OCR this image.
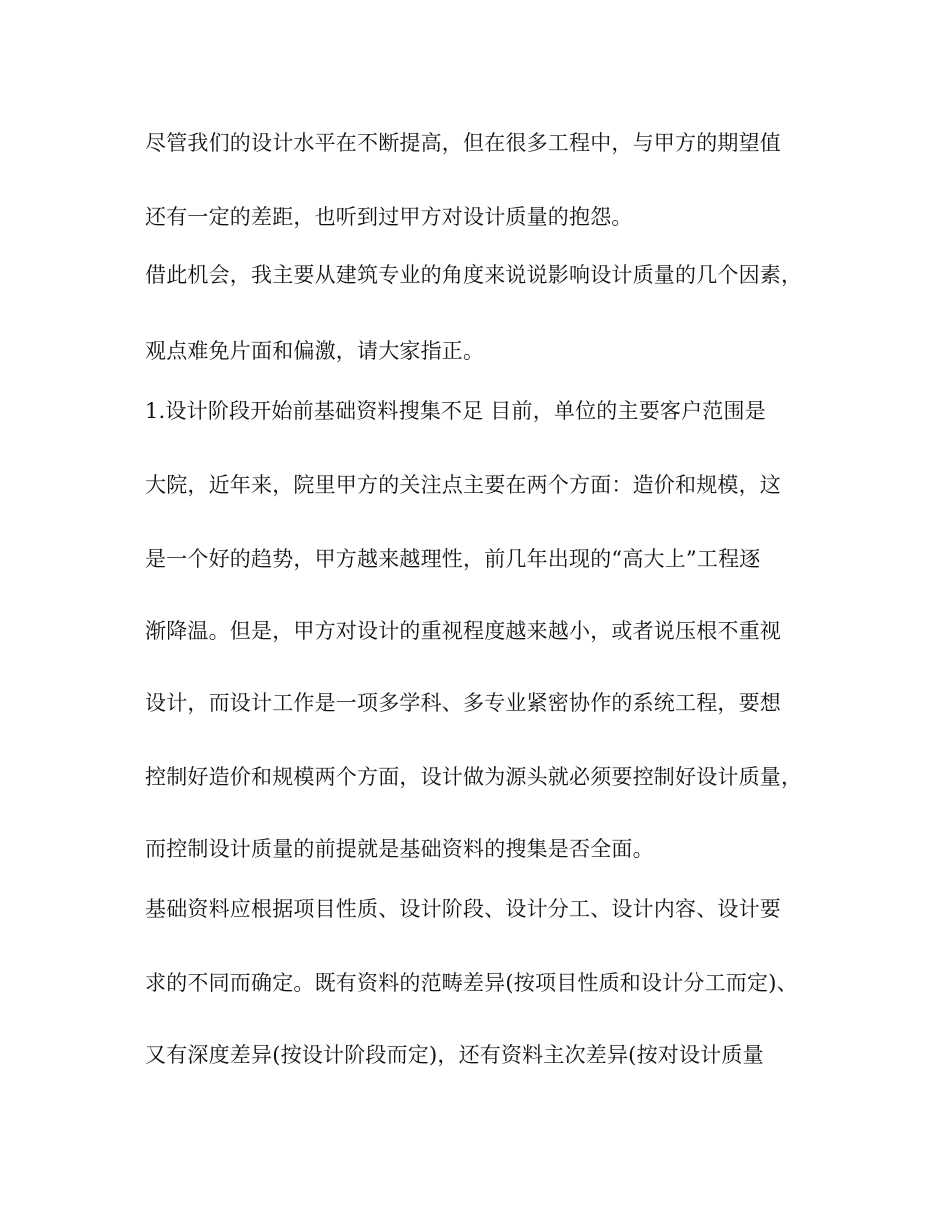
尽管我们的设计水平在不断提高，但在很多工程中，与甲方的期望值

还有一定的差距，也听到过甲方对设计质量的抱怨。

借此机会，我主要从建筑专业的角度来说说影响设计质量的几个因素，

观点难免片面和偏激，请大家指正。

1.设计阶段开始前基础资料搜集不足 目前，单位的主要客户范围是

大院，近年来，院里甲方的关注点主要在两个方面：造价和规模，这

是一个好的趋势，甲方越来越理性，前几年出现的“高大上”工程逐

渐降温。但是，甲方对设计的重视程度越来越小，或者说压根不重视

设计，而设计工作是一项多学科、多专业紧密协作的系统工程，要想

控制好造价和规模两个方面，设计做为源头就必须要控制好设计质量，

而控制设计质量的前提就是基础资料的搜集是否全面。

基础资料应根据项目性质、设计阶段、设计分工、设计内容、设计要

求的不同而确定。既有资料的范畴差异(按项目性质和设计分工而定)、

又有深度差异(按设计阶段而定)，还有资料主次差异(按对设计质量
